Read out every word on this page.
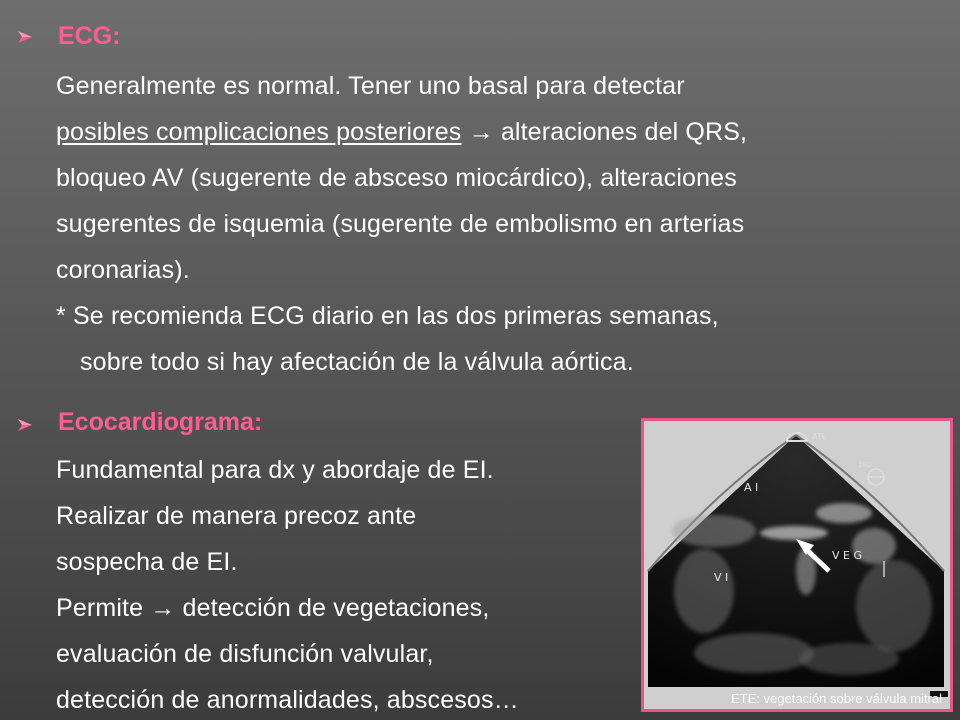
ECG:
Generalmente es normal. Tener uno basal para detectar
posibles complicaciones posteriores → alteraciones del QRS,
bloqueo AV (sugerente de absceso miocárdico), alteraciones
sugerentes de isquemia (sugerente de embolismo en arterias
coronarias).
* Se recomienda ECG diario en las dos primeras semanas,
sobre todo si hay afectación de la válvula aórtica.
Ecocardiograma:
Fundamental para dx y abordaje de EI.
Realizar de manera precoz ante
sospecha de EI.
Permite → detección de vegetaciones,
evaluación de disfunción valvular,
detección de anormalidades, abscesos…
ATL
180
A I
V I
V E G
ETE: vegetación sobre válvula mitral
